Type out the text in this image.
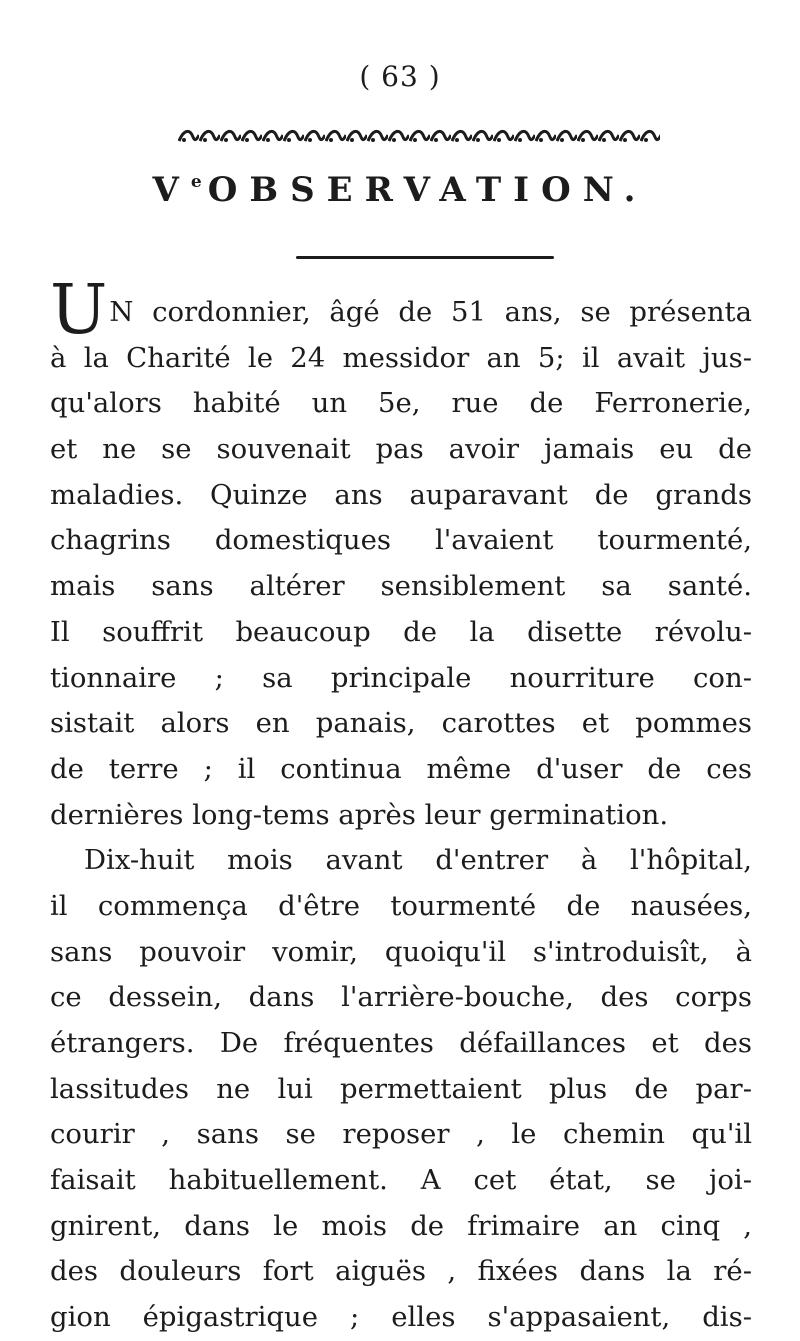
( 63 )
Ve OBSERVATION.
UN cordonnier, âgé de 51 ans, se présenta
à la Charité le 24 messidor an 5; il avait jus-
qu'alors habité un 5e, rue de Ferronerie,
et ne se souvenait pas avoir jamais eu de
maladies. Quinze ans auparavant de grands
chagrins domestiques l'avaient tourmenté,
mais sans altérer sensiblement sa santé.
Il souffrit beaucoup de la disette révolu-
tionnaire ; sa principale nourriture con-
sistait alors en panais, carottes et pommes
de terre ; il continua même d'user de ces
dernières long-tems après leur germination.
Dix-huit mois avant d'entrer à l'hôpital,
il commença d'être tourmenté de nausées,
sans pouvoir vomir, quoiqu'il s'introduisît, à
ce dessein, dans l'arrière-bouche, des corps
étrangers. De fréquentes défaillances et des
lassitudes ne lui permettaient plus de par-
courir , sans se reposer , le chemin qu'il
faisait habituellement. A cet état, se joi-
gnirent, dans le mois de frimaire an cinq ,
des douleurs fort aiguës , fixées dans la ré-
gion épigastrique ; elles s'appasaient, dis-
